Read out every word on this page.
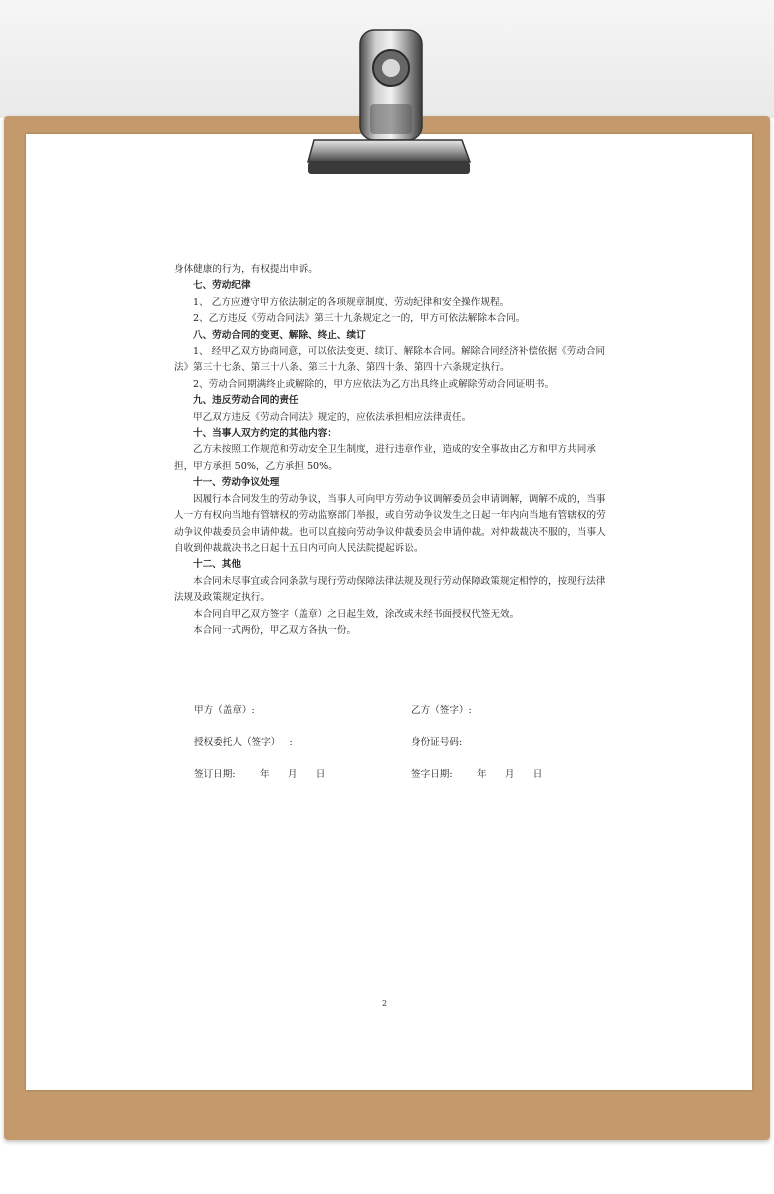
身体健康的行为，有权提出申诉。

七、劳动纪律

1、 乙方应遵守甲方依法制定的各项规章制度、劳动纪律和安全操作规程。

2、乙方违反《劳动合同法》第三十九条规定之一的，甲方可依法解除本合同。

八、劳动合同的变更、解除、终止、续订

1、 经甲乙双方协商同意，可以依法变更、续订、解除本合同。解除合同经济补偿依据《劳动合同法》第三十七条、第三十八条、第三十九条、第四十条、第四十六条规定执行。

2、劳动合同期满终止或解除的，甲方应依法为乙方出具终止或解除劳动合同证明书。

九、违反劳动合同的责任

甲乙双方违反《劳动合同法》规定的，应依法承担相应法律责任。

十、当事人双方约定的其他内容：

乙方未按照工作规范和劳动安全卫生制度，进行违章作业，造成的安全事故由乙方和甲方共同承担，甲方承担 50%，乙方承担 50%。

十一、劳动争议处理

因履行本合同发生的劳动争议，当事人可向甲方劳动争议调解委员会申请调解，调解不成的，当事人一方有权向当地有管辖权的劳动监察部门举报，或自劳动争议发生之日起一年内向当地有管辖权的劳动争议仲裁委员会申请仲裁。也可以直接向劳动争议仲裁委员会申请仲裁。对仲裁裁决不服的，当事人自收到仲裁裁决书之日起十五日内可向人民法院提起诉讼。

十二、其他

本合同未尽事宜或合同条款与现行劳动保障法律法规及现行劳动保障政策规定相悖的，按现行法律法规及政策规定执行。

本合同自甲乙双方签字（盖章）之日起生效，涂改或未经书面授权代签无效。

本合同一式两份，甲乙双方各执一份。

甲方（盖章）:	乙方（签字）:
授权委托人（签字）   :	身份证号码:
签订日期:        年      月      日	签字日期:        年      月      日
2
